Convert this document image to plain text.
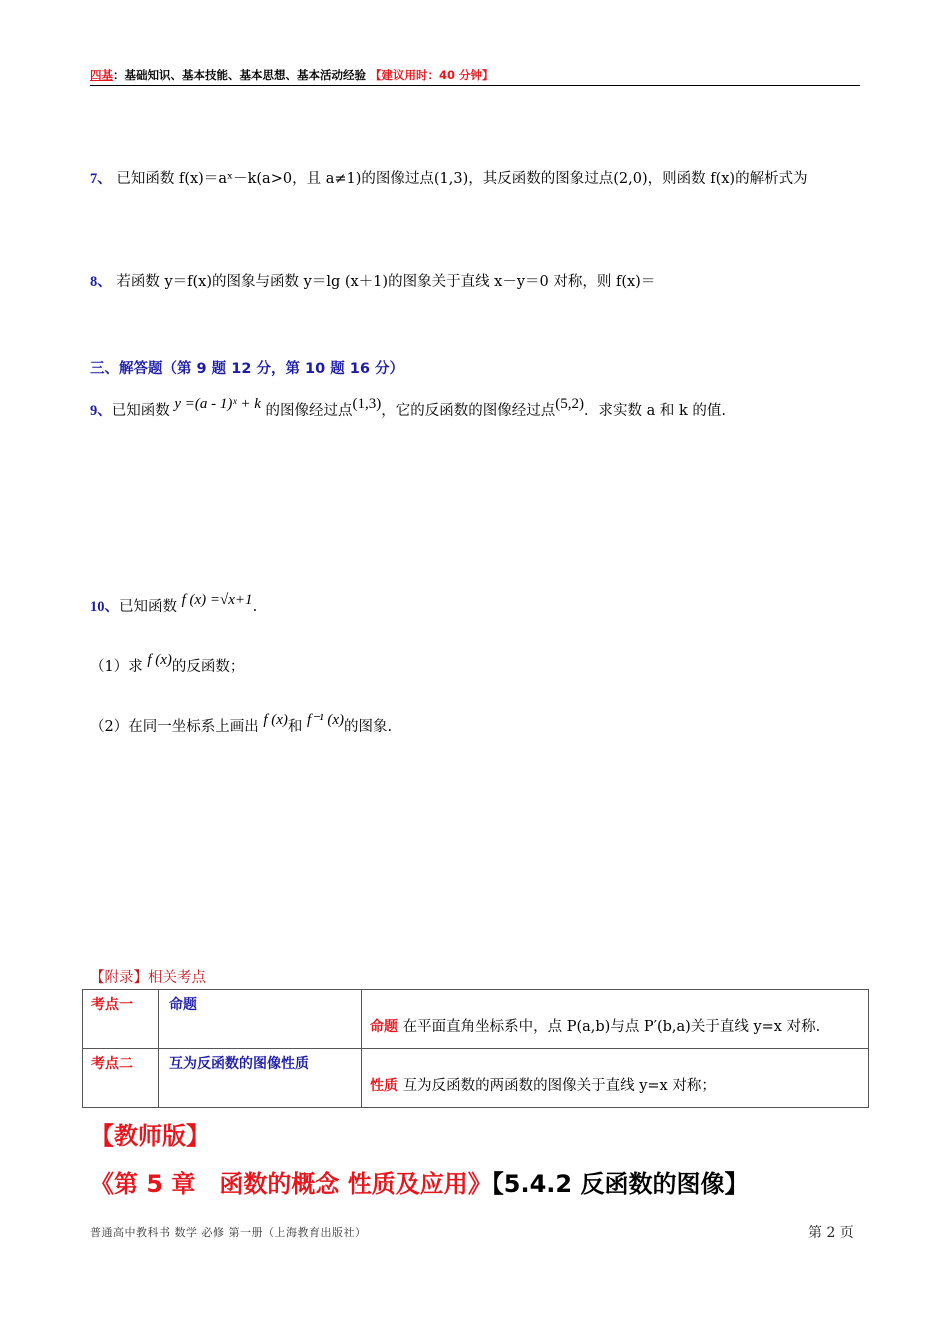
四基：基础知识、基本技能、基本思想、基本活动经验 【建议用时：40 分钟】
7、 已知函数 f(x)＝aˣ－k(a>0，且 a≠1)的图像过点(1,3)，其反函数的图象过点(2,0)，则函数 f(x)的解析式为
8、 若函数 y＝f(x)的图象与函数 y＝lg (x＋1)的图象关于直线 x－y＝0 对称，则 f(x)＝
三、解答题（第 9 题 12 分，第 10 题 16 分）
9、已知函数 y =(a - 1)ˣ + k 的图像经过点(1,3)，它的反函数的图像经过点(5,2)．求实数 a 和 k 的值.
10、已知函数 f (x) =√x+1.
（1）求 f (x)的反函数；
（2）在同一坐标系上画出 f (x)和 f⁻¹ (x)的图象.
【附录】相关考点
考点一	命题	命题 在平面直角坐标系中，点 P(a,b)与点 P′(b,a)关于直线 y=x 对称.

考点二	互为反函数的图像性质	性质 互为反函数的两函数的图像关于直线 y=x 对称；
【教师版】
《第 5 章　函数的概念 性质及应用》【5.4.2 反函数的图像】
普通高中教科书 数学 必修 第一册（上海教育出版社）	第 2 页
